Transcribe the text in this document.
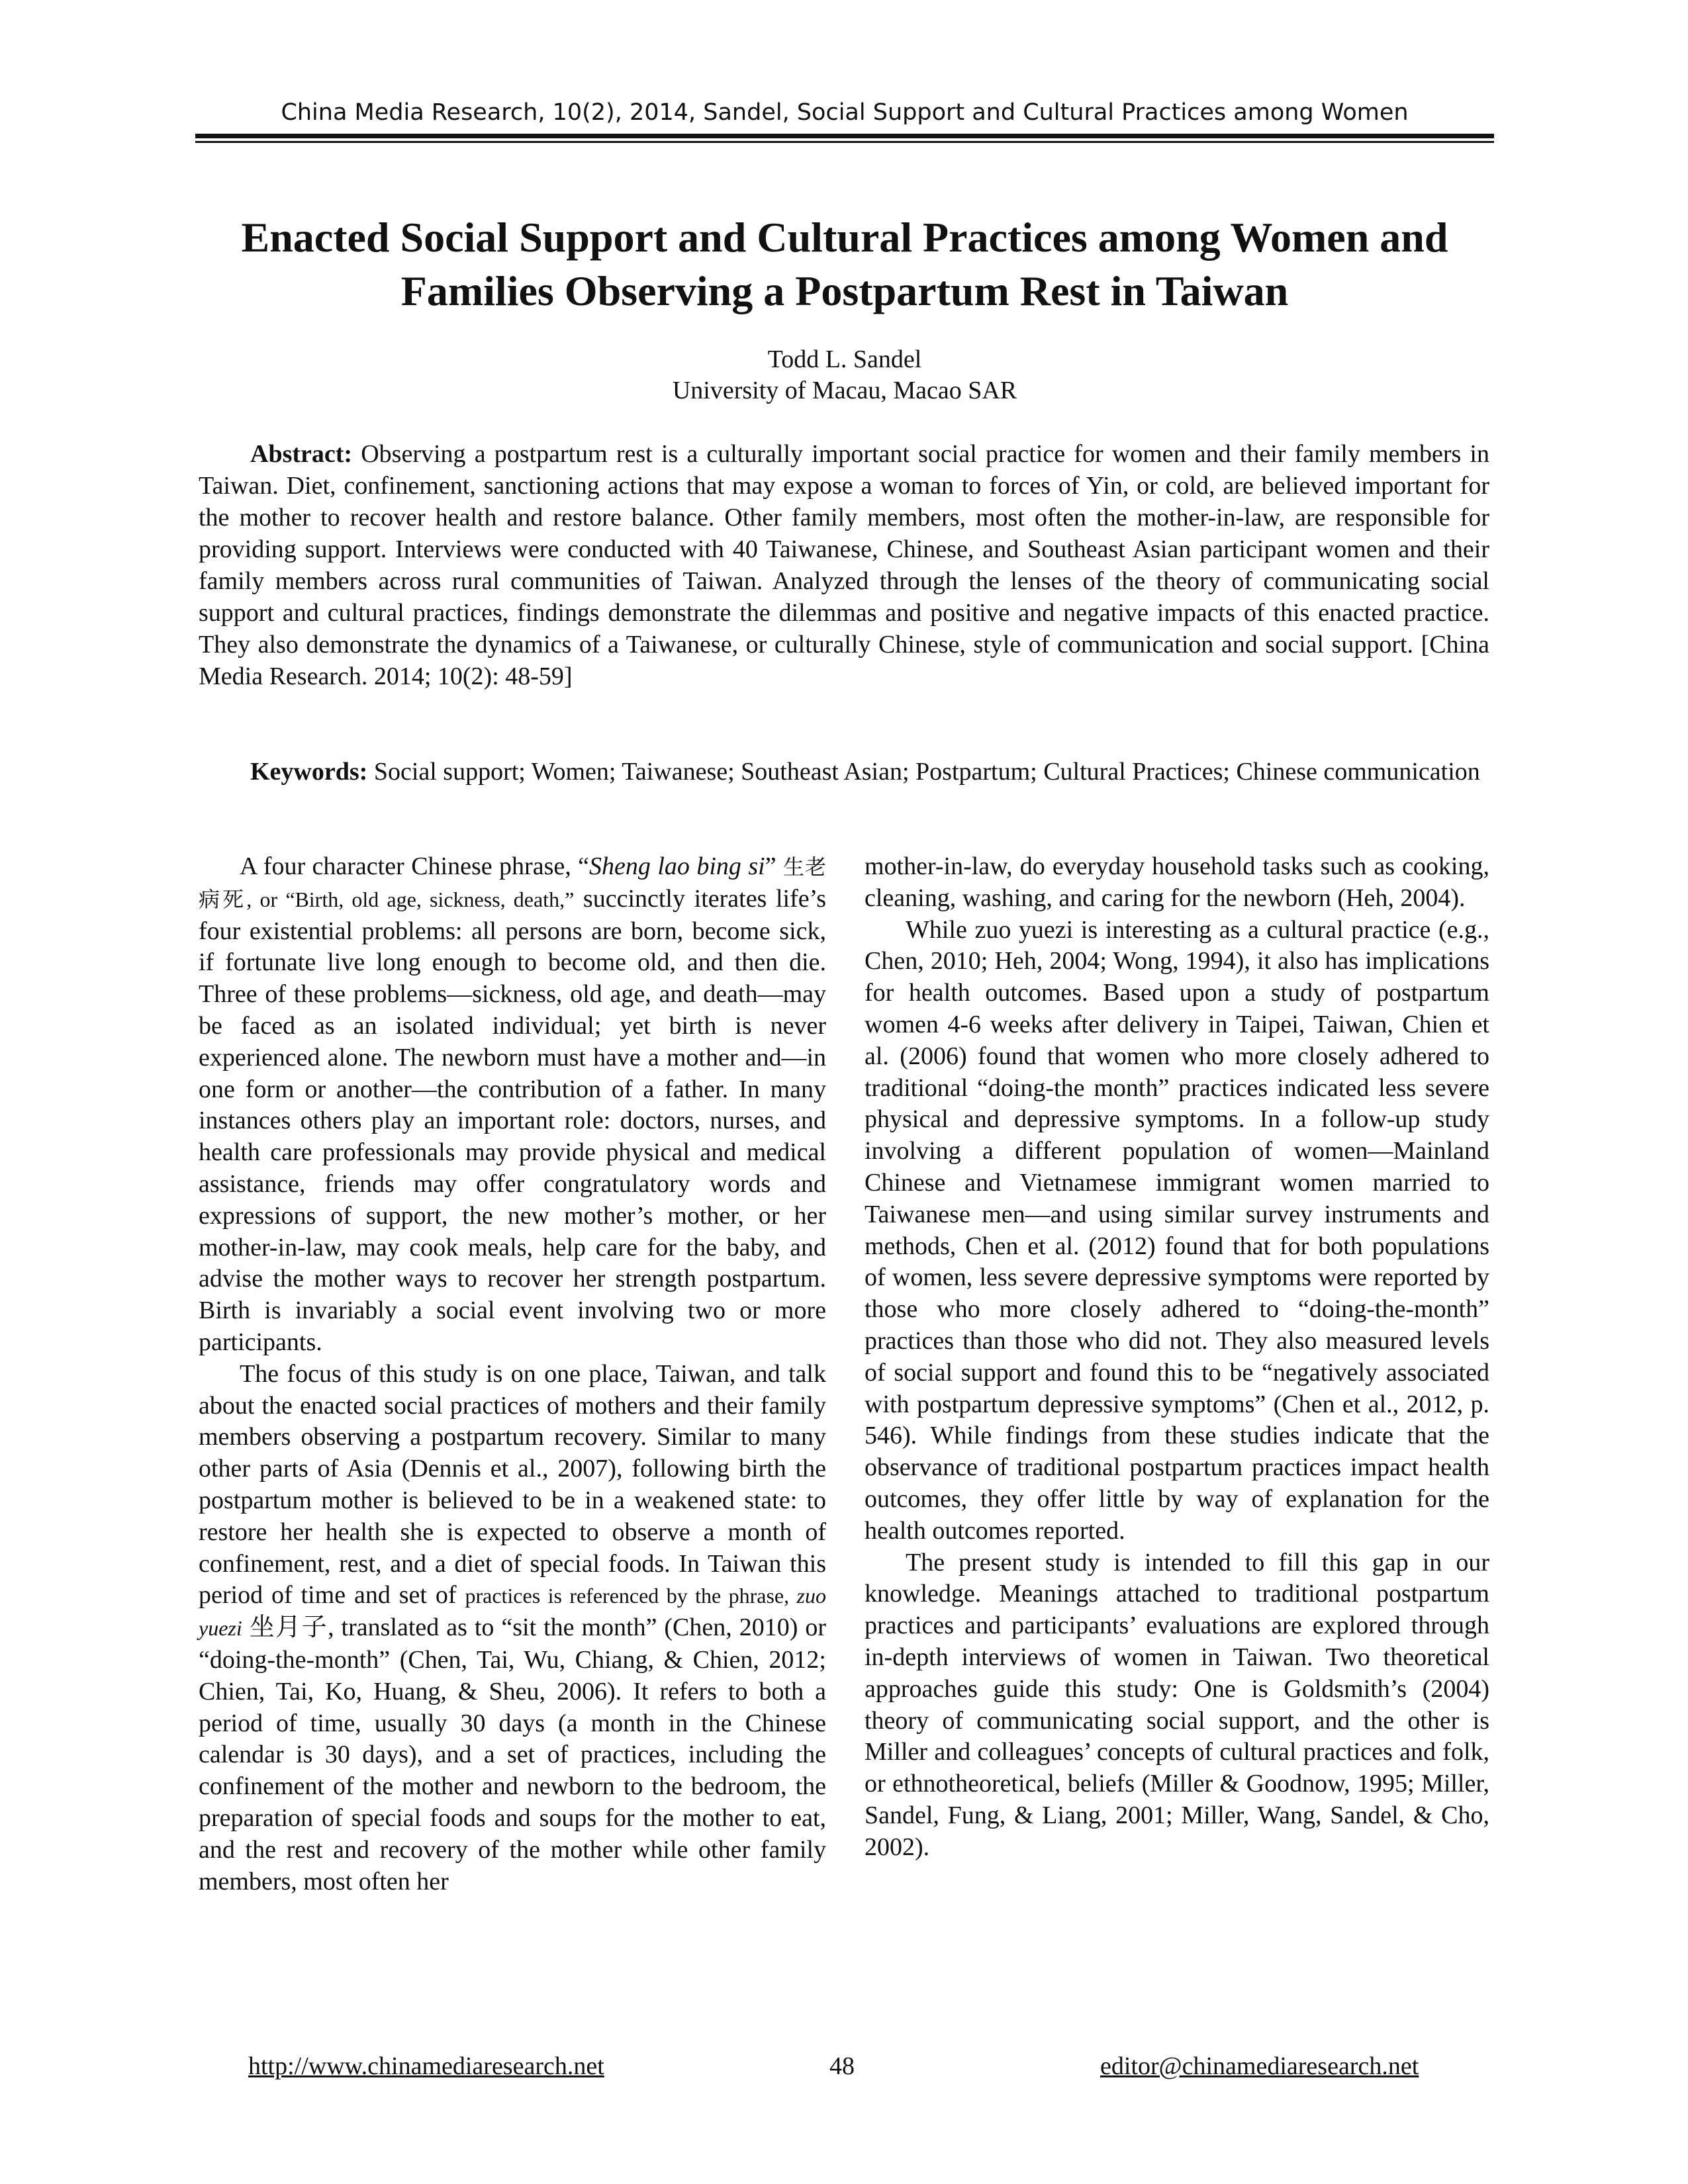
China Media Research, 10(2), 2014, Sandel, Social Support and Cultural Practices among Women
Enacted Social Support and Cultural Practices among Women and
Families Observing a Postpartum Rest in Taiwan
Todd L. Sandel
University of Macau, Macao SAR

Abstract: Observing a postpartum rest is a culturally important social practice for women and their family members in Taiwan. Diet, confinement, sanctioning actions that may expose a woman to forces of Yin, or cold, are believed important for the mother to recover health and restore balance. Other family members, most often the mother-in-law, are responsible for providing support. Interviews were conducted with 40 Taiwanese, Chinese, and Southeast Asian participant women and their family members across rural communities of Taiwan. Analyzed through the lenses of the theory of communicating social support and cultural practices, findings demonstrate the dilemmas and positive and negative impacts of this enacted practice. They also demonstrate the dynamics of a Taiwanese, or culturally Chinese, style of communication and social support. [China Media Research. 2014; 10(2): 48-59]

Keywords: Social support; Women; Taiwanese; Southeast Asian; Postpartum; Cultural Practices; Chinese communication

A four character Chinese phrase, “Sheng lao bing si” 生老病死, or “Birth, old age, sickness, death,” succinctly iterates life’s four existential problems: all persons are born, become sick, if fortunate live long enough to become old, and then die. Three of these problems—sickness, old age, and death—may be faced as an isolated individual; yet birth is never experienced alone. The newborn must have a mother and—in one form or another—the contribution of a father. In many instances others play an important role: doctors, nurses, and health care professionals may provide physical and medical assistance, friends may offer congratulatory words and expressions of support, the new mother’s mother, or her mother-in-law, may cook meals, help care for the baby, and advise the mother ways to recover her strength postpartum. Birth is invariably a social event involving two or more participants.

The focus of this study is on one place, Taiwan, and talk about the enacted social practices of mothers and their family members observing a postpartum recovery. Similar to many other parts of Asia (Dennis et al., 2007), following birth the postpartum mother is believed to be in a weakened state: to restore her health she is expected to observe a month of confinement, rest, and a diet of special foods. In Taiwan this period of time and set of practices is referenced by the phrase, zuo yuezi 坐月子, translated as to “sit the month” (Chen, 2010) or “doing-the-month” (Chen, Tai, Wu, Chiang, & Chien, 2012; Chien, Tai, Ko, Huang, & Sheu, 2006). It refers to both a period of time, usually 30 days (a month in the Chinese calendar is 30 days), and a set of practices, including the confinement of the mother and newborn to the bedroom, the preparation of special foods and soups for the mother to eat, and the rest and recovery of the mother while other family members, most often her

mother-in-law, do everyday household tasks such as cooking, cleaning, washing, and caring for the newborn (Heh, 2004).

While zuo yuezi is interesting as a cultural practice (e.g., Chen, 2010; Heh, 2004; Wong, 1994), it also has implications for health outcomes. Based upon a study of postpartum women 4-6 weeks after delivery in Taipei, Taiwan, Chien et al. (2006) found that women who more closely adhered to traditional “doing-the month” practices indicated less severe physical and depressive symptoms. In a follow-up study involving a different population of women—Mainland Chinese and Vietnamese immigrant women married to Taiwanese men—and using similar survey instruments and methods, Chen et al. (2012) found that for both populations of women, less severe depressive symptoms were reported by those who more closely adhered to “doing-the-month” practices than those who did not. They also measured levels of social support and found this to be “negatively associated with postpartum depressive symptoms” (Chen et al., 2012, p. 546). While findings from these studies indicate that the observance of traditional postpartum practices impact health outcomes, they offer little by way of explanation for the health outcomes reported.

The present study is intended to fill this gap in our knowledge. Meanings attached to traditional postpartum practices and participants’ evaluations are explored through in-depth interviews of women in Taiwan. Two theoretical approaches guide this study: One is Goldsmith’s (2004) theory of communicating social support, and the other is Miller and colleagues’ concepts of cultural practices and folk, or ethnotheoretical, beliefs (Miller & Goodnow, 1995; Miller, Sandel, Fung, & Liang, 2001; Miller, Wang, Sandel, & Cho, 2002).

http://www.chinamediaresearch.net	48	editor@chinamediaresearch.net
